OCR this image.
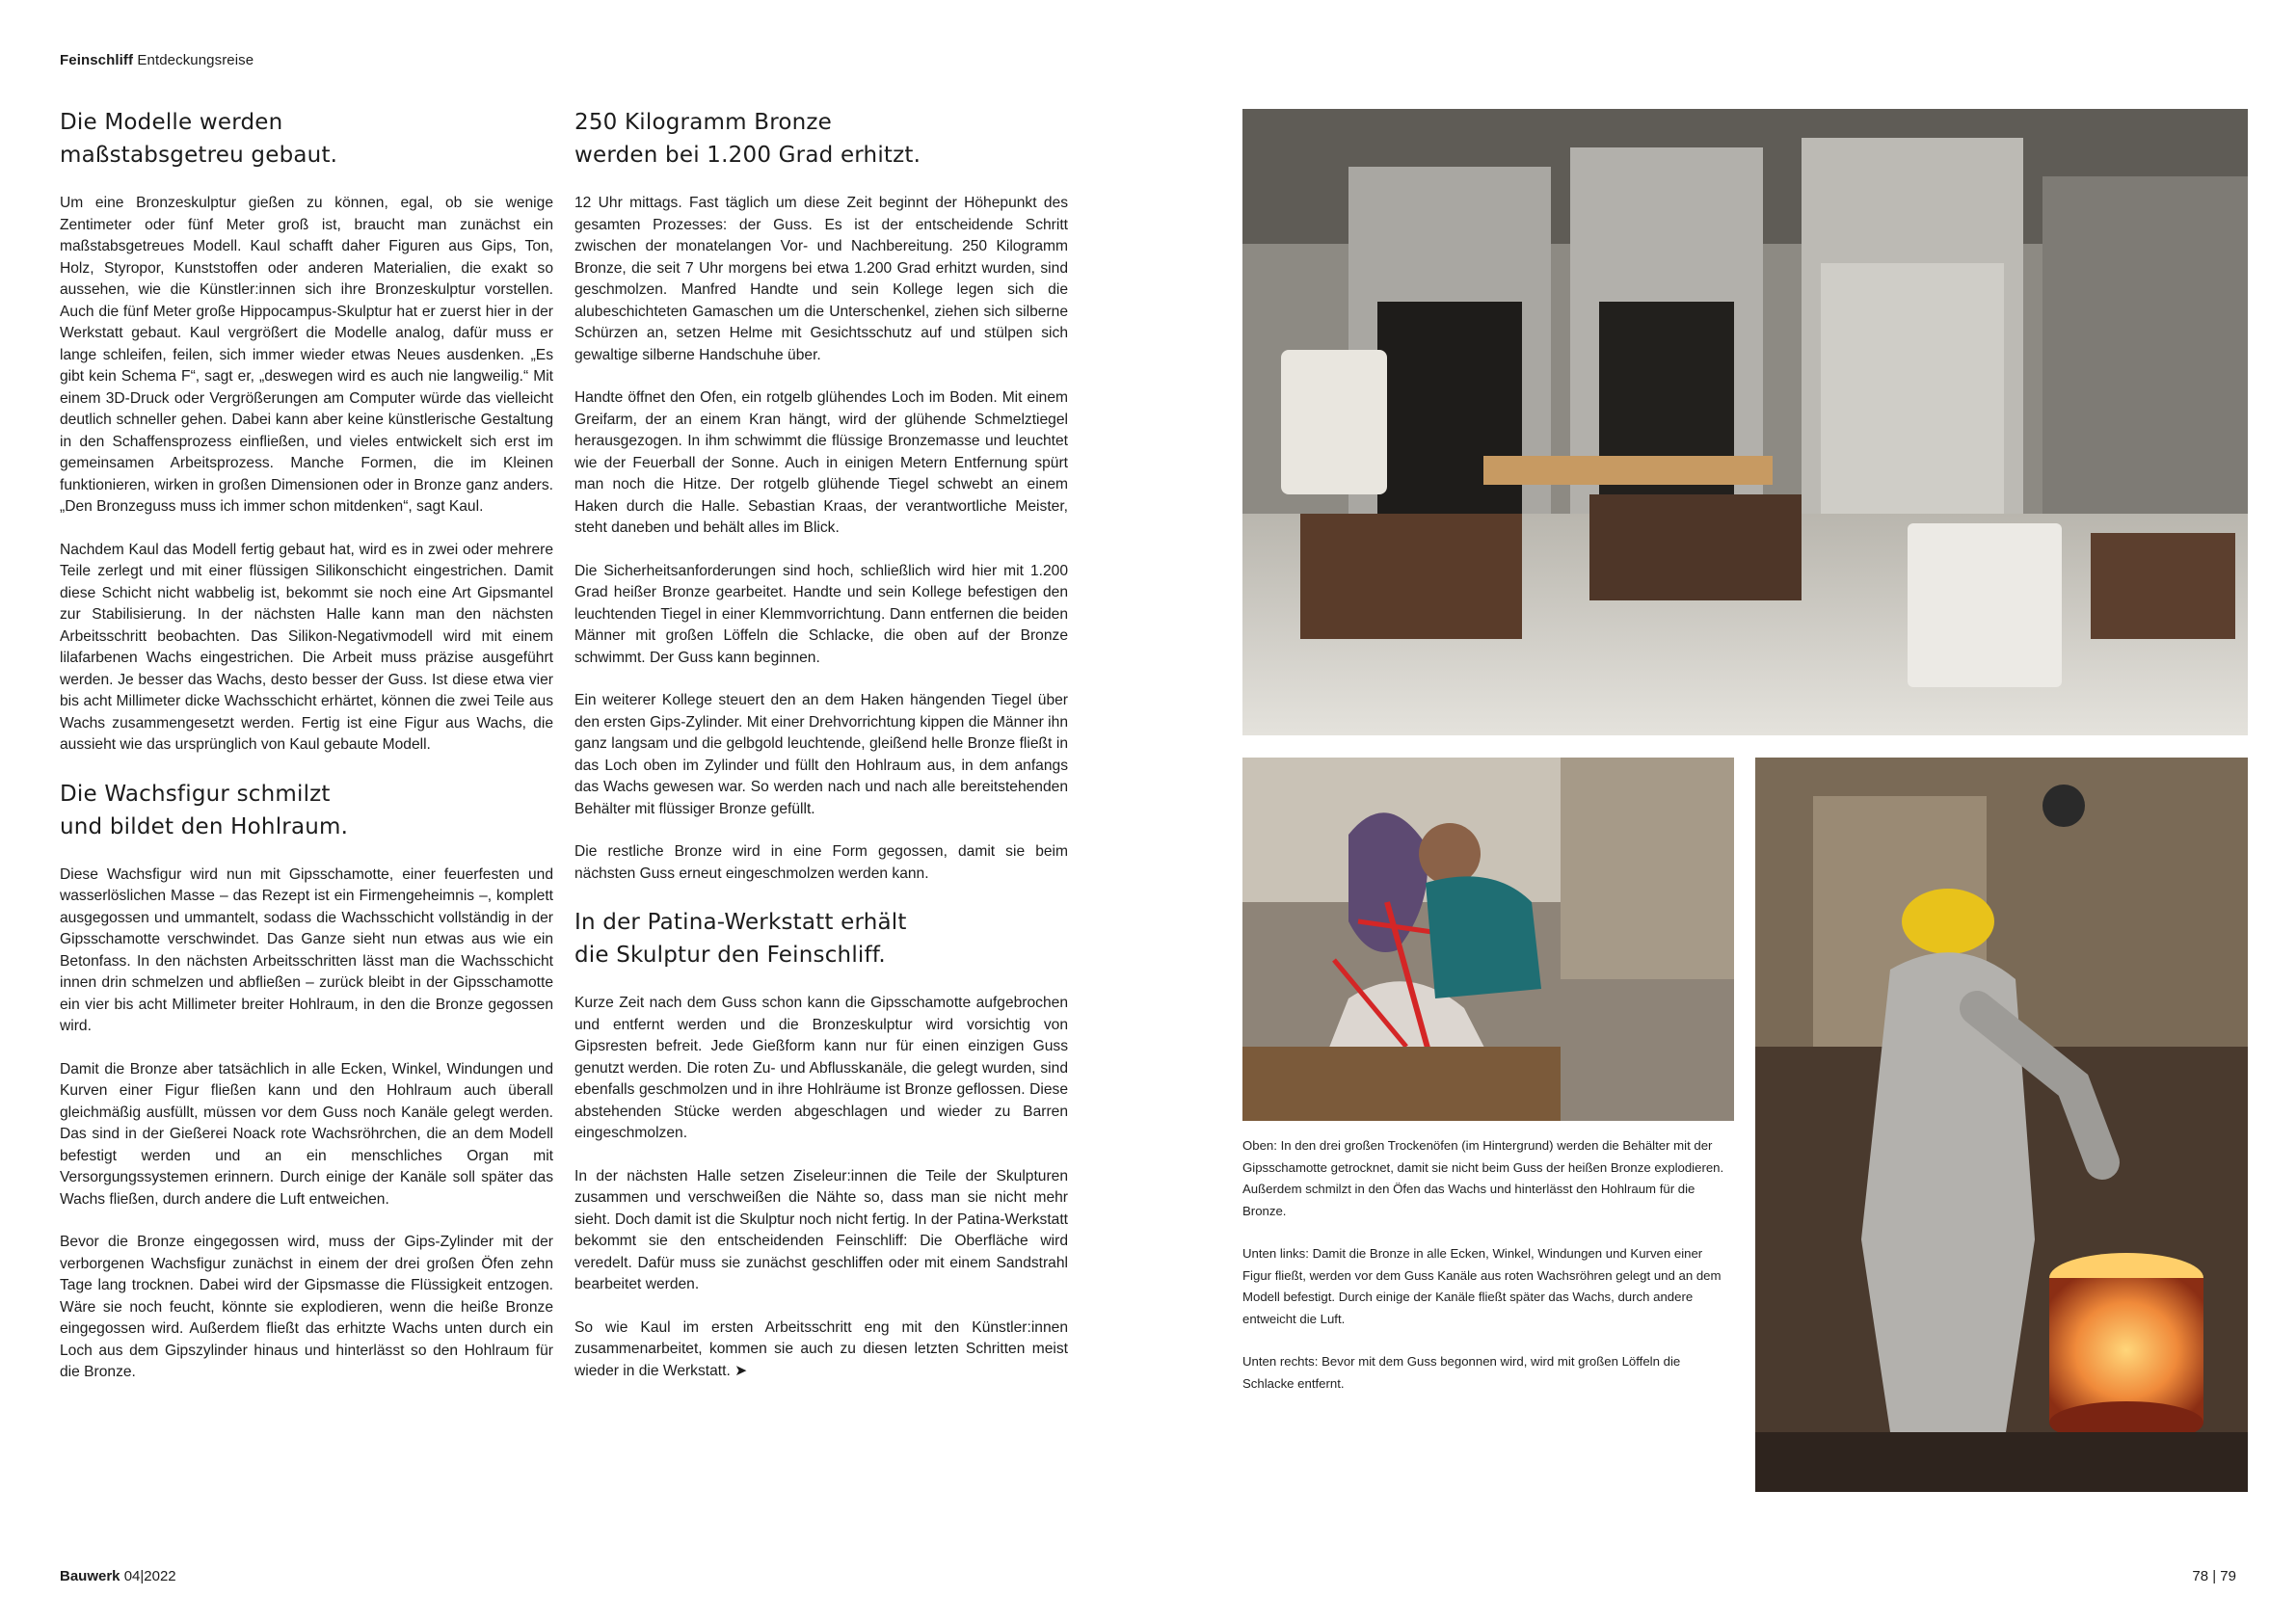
Feinschliff Entdeckungsreise
Die Modelle werden
maßstabsgetreu gebaut.

Um eine Bronzeskulptur gießen zu können, egal, ob sie wenige Zentimeter oder fünf Meter groß ist, braucht man zunächst ein maßstabsgetreues Modell. Kaul schafft daher Figuren aus Gips, Ton, Holz, Styropor, Kunststoffen oder anderen Materialien, die exakt so aussehen, wie die Künstler:innen sich ihre Bronzeskulptur vorstellen. Auch die fünf Meter große Hippocampus-Skulptur hat er zuerst hier in der Werkstatt gebaut. Kaul vergrößert die Modelle analog, dafür muss er lange schleifen, feilen, sich immer wieder etwas Neues ausdenken. „Es gibt kein Schema F“, sagt er, „deswegen wird es auch nie langweilig.“ Mit einem 3D-Druck oder Vergrößerungen am Computer würde das vielleicht deutlich schneller gehen. Dabei kann aber keine künstlerische Gestaltung in den Schaffensprozess einfließen, und vieles entwickelt sich erst im gemeinsamen Arbeitsprozess. Manche Formen, die im Kleinen funktionieren, wirken in großen Dimensionen oder in Bronze ganz anders. „Den Bronzeguss muss ich immer schon mitdenken“, sagt Kaul.

Nachdem Kaul das Modell fertig gebaut hat, wird es in zwei oder mehrere Teile zerlegt und mit einer flüssigen Silikonschicht eingestrichen. Damit diese Schicht nicht wabbelig ist, bekommt sie noch eine Art Gipsmantel zur Stabilisierung. In der nächsten Halle kann man den nächsten Arbeitsschritt beobachten. Das Silikon-Negativmodell wird mit einem lilafarbenen Wachs eingestrichen. Die Arbeit muss präzise ausgeführt werden. Je besser das Wachs, desto besser der Guss. Ist diese etwa vier bis acht Millimeter dicke Wachsschicht erhärtet, können die zwei Teile aus Wachs zusammengesetzt werden. Fertig ist eine Figur aus Wachs, die aussieht wie das ursprünglich von Kaul gebaute Modell.

Die Wachsfigur schmilzt
und bildet den Hohlraum.

Diese Wachsfigur wird nun mit Gipsschamotte, einer feuerfesten und wasserlöslichen Masse – das Rezept ist ein Firmengeheimnis –, komplett ausgegossen und ummantelt, sodass die Wachsschicht vollständig in der Gipsschamotte verschwindet. Das Ganze sieht nun etwas aus wie ein Betonfass. In den nächsten Arbeitsschritten lässt man die Wachsschicht innen drin schmelzen und abfließen – zurück bleibt in der Gipsschamotte ein vier bis acht Millimeter breiter Hohlraum, in den die Bronze gegossen wird.

Damit die Bronze aber tatsächlich in alle Ecken, Winkel, Windungen und Kurven einer Figur fließen kann und den Hohlraum auch überall gleichmäßig ausfüllt, müssen vor dem Guss noch Kanäle gelegt werden. Das sind in der Gießerei Noack rote Wachsröhrchen, die an dem Modell befestigt werden und an ein menschliches Organ mit Versorgungssystemen erinnern. Durch einige der Kanäle soll später das Wachs fließen, durch andere die Luft entweichen.

Bevor die Bronze eingegossen wird, muss der Gips-Zylinder mit der verborgenen Wachsfigur zunächst in einem der drei großen Öfen zehn Tage lang trocknen. Dabei wird der Gipsmasse die Flüssigkeit entzogen. Wäre sie noch feucht, könnte sie explodieren, wenn die heiße Bronze eingegossen wird. Außerdem fließt das erhitzte Wachs unten durch ein Loch aus dem Gipszylinder hinaus und hinterlässt so den Hohlraum für die Bronze.

250 Kilogramm Bronze
werden bei 1.200 Grad erhitzt.

12 Uhr mittags. Fast täglich um diese Zeit beginnt der Höhepunkt des gesamten Prozesses: der Guss. Es ist der entscheidende Schritt zwischen der monatelangen Vor- und Nachbereitung. 250 Kilogramm Bronze, die seit 7 Uhr morgens bei etwa 1.200 Grad erhitzt wurden, sind geschmolzen. Manfred Handte und sein Kollege legen sich die alubeschichteten Gamaschen um die Unterschenkel, ziehen sich silberne Schürzen an, setzen Helme mit Gesichtsschutz auf und stülpen sich gewaltige silberne Handschuhe über.

Handte öffnet den Ofen, ein rotgelb glühendes Loch im Boden. Mit einem Greifarm, der an einem Kran hängt, wird der glühende Schmelztiegel herausgezogen. In ihm schwimmt die flüssige Bronzemasse und leuchtet wie der Feuerball der Sonne. Auch in einigen Metern Entfernung spürt man noch die Hitze. Der rotgelb glühende Tiegel schwebt an einem Haken durch die Halle. Sebastian Kraas, der verantwortliche Meister, steht daneben und behält alles im Blick.

Die Sicherheitsanforderungen sind hoch, schließlich wird hier mit 1.200 Grad heißer Bronze gearbeitet. Handte und sein Kollege befestigen den leuchtenden Tiegel in einer Klemmvorrichtung. Dann entfernen die beiden Männer mit großen Löffeln die Schlacke, die oben auf der Bronze schwimmt. Der Guss kann beginnen.

Ein weiterer Kollege steuert den an dem Haken hängenden Tiegel über den ersten Gips-Zylinder. Mit einer Drehvorrichtung kippen die Männer ihn ganz langsam und die gelbgold leuchtende, gleißend helle Bronze fließt in das Loch oben im Zylinder und füllt den Hohlraum aus, in dem anfangs das Wachs gewesen war. So werden nach und nach alle bereitstehenden Behälter mit flüssiger Bronze gefüllt.

Die restliche Bronze wird in eine Form gegossen, damit sie beim nächsten Guss erneut eingeschmolzen werden kann.

In der Patina-Werkstatt erhält
die Skulptur den Feinschliff.

Kurze Zeit nach dem Guss schon kann die Gipsschamotte aufgebrochen und entfernt werden und die Bronzeskulptur wird vorsichtig von Gipsresten befreit. Jede Gießform kann nur für einen einzigen Guss genutzt werden. Die roten Zu- und Abflusskanäle, die gelegt wurden, sind ebenfalls geschmolzen und in ihre Hohlräume ist Bronze geflossen. Diese abstehenden Stücke werden abgeschlagen und wieder zu Barren eingeschmolzen.

In der nächsten Halle setzen Ziseleur:innen die Teile der Skulpturen zusammen und verschweißen die Nähte so, dass man sie nicht mehr sieht. Doch damit ist die Skulptur noch nicht fertig. In der Patina-Werkstatt bekommt sie den entscheidenden Feinschliff: Die Oberfläche wird veredelt. Dafür muss sie zunächst geschliffen oder mit einem Sandstrahl bearbeitet werden.

So wie Kaul im ersten Arbeitsschritt eng mit den Künstler:innen zusammenarbeitet, kommen sie auch zu diesen letzten Schritten meist wieder in die Werkstatt. ➤

Oben: In den drei großen Trockenöfen (im Hintergrund) werden die Behälter mit der Gipsschamotte getrocknet, damit sie nicht beim Guss der heißen Bronze explodieren. Außerdem schmilzt in den Öfen das Wachs und hinterlässt den Hohlraum für die Bronze.

Unten links: Damit die Bronze in alle Ecken, Winkel, Windungen und Kurven einer Figur fließt, werden vor dem Guss Kanäle aus roten Wachsröhren gelegt und an dem Modell befestigt. Durch einige der Kanäle fließt später das Wachs, durch andere entweicht die Luft.

Unten rechts: Bevor mit dem Guss begonnen wird, wird mit großen Löffeln die Schlacke entfernt.

Bauwerk 04|2022	78 | 79
